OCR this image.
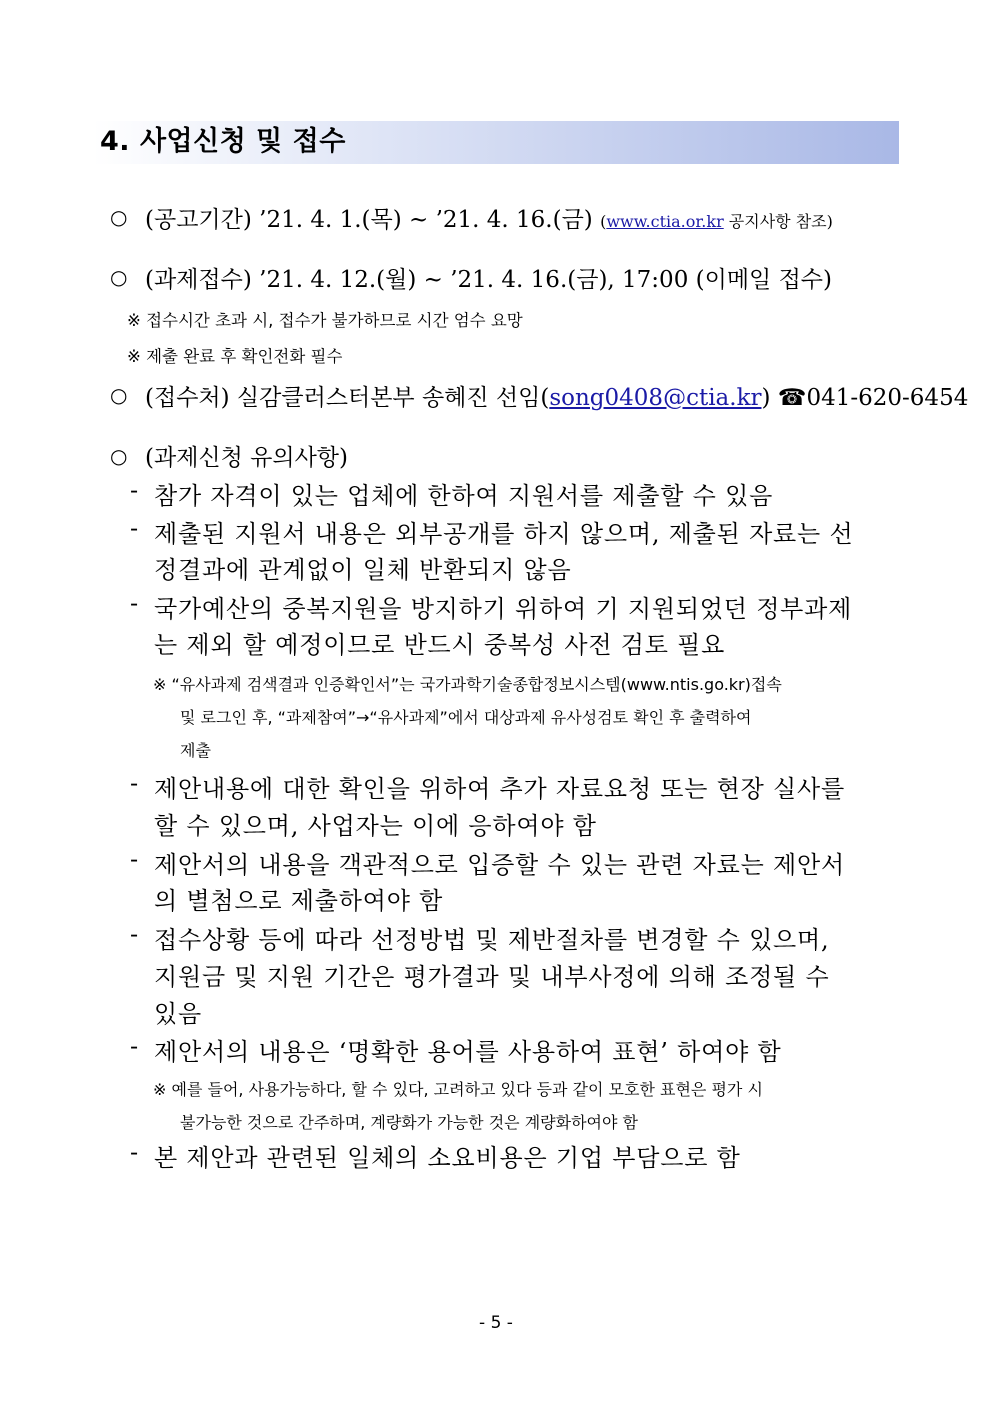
4. 사업신청 및 접수
○ (공고기간) ’21. 4. 1.(목) ~ ’21. 4. 16.(금) (www.ctia.or.kr 공지사항 참조)
○ (과제접수) ’21. 4. 12.(월) ~ ’21. 4. 16.(금), 17:00 (이메일 접수)
※ 접수시간 초과 시, 접수가 불가하므로 시간 엄수 요망
※ 제출 완료 후 확인전화 필수
○ (접수처) 실감클러스터본부 송혜진 선임(song0408@ctia.kr) ☎041-620-6454
○ (과제신청 유의사항)
- 참가 자격이 있는 업체에 한하여 지원서를 제출할 수 있음
- 제출된 지원서 내용은 외부공개를 하지 않으며, 제출된 자료는 선
정결과에 관계없이 일체 반환되지 않음
- 국가예산의 중복지원을 방지하기 위하여 기 지원되었던 정부과제
는 제외 할 예정이므로 반드시 중복성 사전 검토 필요
※ “유사과제 검색결과 인증확인서”는 국가과학기술종합정보시스템(www.ntis.go.kr)접속
및 로그인 후, “과제참여”→“유사과제”에서 대상과제 유사성검토 확인 후 출력하여
제출
- 제안내용에 대한 확인을 위하여 추가 자료요청 또는 현장 실사를
할 수 있으며, 사업자는 이에 응하여야 함
- 제안서의 내용을 객관적으로 입증할 수 있는 관련 자료는 제안서
의 별첨으로 제출하여야 함
- 접수상황 등에 따라 선정방법 및 제반절차를 변경할 수 있으며,
지원금 및 지원 기간은 평가결과 및 내부사정에 의해 조정될 수
있음
- 제안서의 내용은 ‘명확한 용어를 사용하여 표현’ 하여야 함
※ 예를 들어, 사용가능하다, 할 수 있다, 고려하고 있다 등과 같이 모호한 표현은 평가 시
불가능한 것으로 간주하며, 계량화가 가능한 것은 계량화하여야 함
- 본 제안과 관련된 일체의 소요비용은 기업 부담으로 함
- 5 -
